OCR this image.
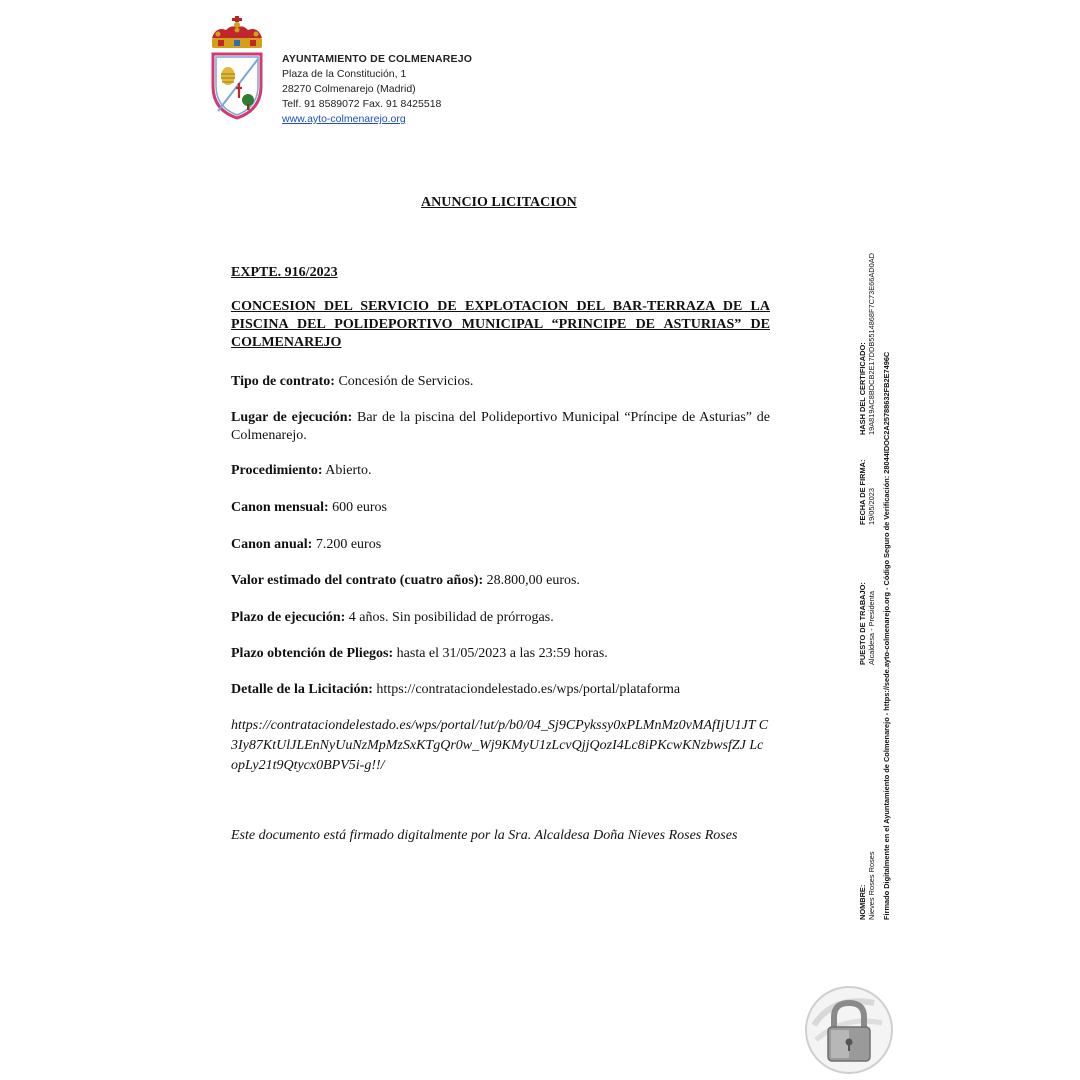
AYUNTAMIENTO DE COLMENAREJO
Plaza de la Constitución, 1
28270 Colmenarejo (Madrid)
Telf. 91 8589072 Fax. 91 8425518
www.ayto-colmenarejo.org
ANUNCIO LICITACION
EXPTE. 916/2023
CONCESION DEL SERVICIO DE EXPLOTACION DEL BAR-TERRAZA DE LA PISCINA DEL POLIDEPORTIVO MUNICIPAL “PRINCIPE DE ASTURIAS” DE COLMENAREJO
Tipo de contrato: Concesión de Servicios.
Lugar de ejecución: Bar de la piscina del Polideportivo Municipal “Príncipe de Asturias” de Colmenarejo.
Procedimiento: Abierto.
Canon mensual: 600 euros
Canon anual: 7.200 euros
Valor estimado del contrato (cuatro años): 28.800,00 euros.
Plazo de ejecución: 4 años. Sin posibilidad de prórrogas.
Plazo obtención de Pliegos: hasta el 31/05/2023 a las 23:59 horas.
Detalle de la Licitación: https://contrataciondelestado.es/wps/portal/plataforma
https://contrataciondelestado.es/wps/portal/!ut/p/b0/04_Sj9CPykssy0xPLMnMz0vMAfIjU1JT C3Iy87KtUlJLEnNyUuNzMpMzSxKTgQr0w_Wj9KMyU1zLcvQjjQozI4Lc8iPKcwKNzbwsfZJ LcopLy21t9Qtycx0BPV5i-g!!/
Este documento está firmado digitalmente por la Sra. Alcaldesa Doña Nieves Roses Roses
NOMBRE: Nieves Roses Roses
PUESTO DE TRABAJO: Alcaldesa - Presidenta
FECHA DE FIRMA: 19/05/2023
HASH DEL CERTIFICADO: 19A819AC8BDCB2E17DDB5514868F7C73E66AD0AD
Firmado Digitalmente en el Ayuntamiento de Colmenarejo - https://sede.ayto-colmenarejo.org - Código Seguro de Verificación: 28044IDOC2A25788632FB2E7496C
